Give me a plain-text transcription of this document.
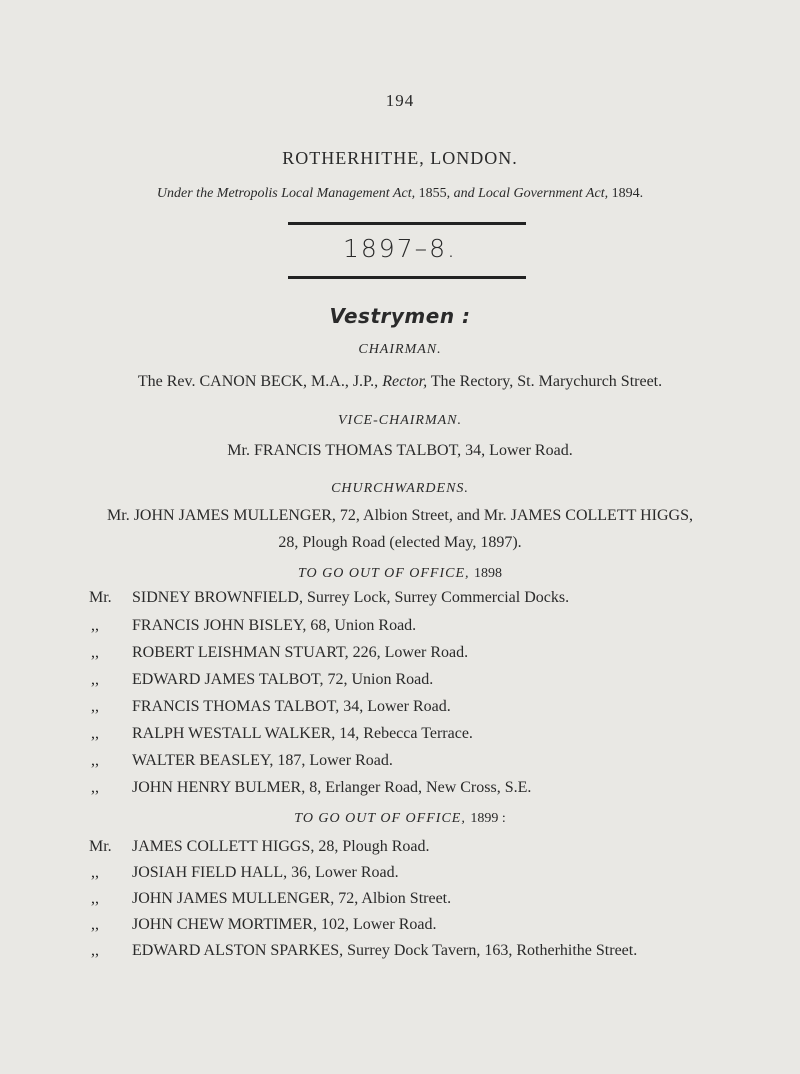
194
ROTHERHITHE, LONDON.
Under the Metropolis Local Management Act, 1855, and Local Government Act, 1894.
1897–8.
Vestrymen :
CHAIRMAN.
The Rev. CANON BECK, M.A., J.P., Rector, The Rectory, St. Marychurch Street.
VICE-CHAIRMAN.
Mr. FRANCIS THOMAS TALBOT, 34, Lower Road.
CHURCHWARDENS.
Mr. JOHN JAMES MULLENGER, 72, Albion Street, and Mr. JAMES COLLETT HIGGS,
28, Plough Road (elected May, 1897).
TO GO OUT OF OFFICE, 1898
Mr.	SIDNEY BROWNFIELD, Surrey Lock, Surrey Commercial Docks.
,,	FRANCIS JOHN BISLEY, 68, Union Road.
,,	ROBERT LEISHMAN STUART, 226, Lower Road.
,,	EDWARD JAMES TALBOT, 72, Union Road.
,,	FRANCIS THOMAS TALBOT, 34, Lower Road.
,,	RALPH WESTALL WALKER, 14, Rebecca Terrace.
,,	WALTER BEASLEY, 187, Lower Road.
,,	JOHN HENRY BULMER, 8, Erlanger Road, New Cross, S.E.
TO GO OUT OF OFFICE, 1899 :
Mr.	JAMES COLLETT HIGGS, 28, Plough Road.
,,	JOSIAH FIELD HALL, 36, Lower Road.
,,	JOHN JAMES MULLENGER, 72, Albion Street.
,,	JOHN CHEW MORTIMER, 102, Lower Road.
,,	EDWARD ALSTON SPARKES, Surrey Dock Tavern, 163, Rotherhithe Street.
